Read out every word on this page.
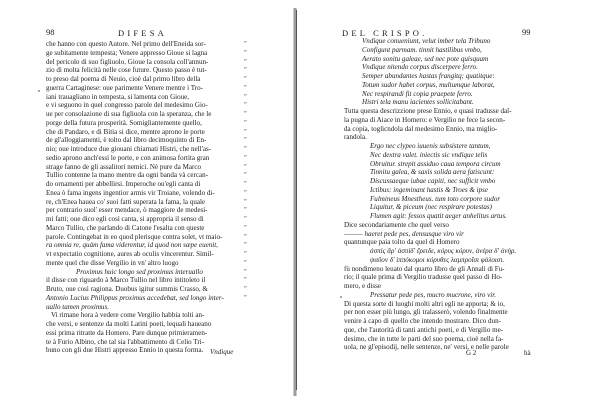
98	DIFESA
Vndique
che hanno con questo Autore. Nel primo dell'Eneida sor-	”
ge subitamente tempesta; Venere appresso Gioue si lagna	”
del pericolo di suo figliuolo, Gioue la consola coll'annun-	”
zio di molta felicità nelle cose future. Questo passo è tut-	”
to preso dal poema di Neuio, cioè dal primo libro della	”
guerra Cartaginese: oue parimente Venere mentre i Tro-	”
iani trauagliano in tempesta, si lamenta con Gioue,	”
e vi seguono in quel congresso parole del medesimo Gio-	”
ue per consolazione di sua figliuola con la speranza, che le	”
porge della futura prosperità. Somigliantemente quello,	”
che di Pandaro, e di Bitia si dice, mentre aprono le porte	”
de gl'alloggiamenti, è tolto dal libro decimoquinto di En-	”
nio; oue introduce due giouani chiamati Histri, che nell'as-	”
sedio aprono anch'essi le porte, e con animosa fortita gran	”
strage fanno de gli assalitori nemici. Nè pure da Marco	”
Tullio contenne la mano mentre da ogni banda và cercan-	”
do ornamenti per abbellirsi. Imperoche ou'egli canta di	”
Enea ò fama ingens ingentior armis vir Troiane, volendo di-	”
re, ch'Enea haueа co' suoi fatti superata la fama, la quale	”
per contrario suol' esser mendace, ò maggiore de medesi-	”
mi fatti; oue dico egli così canta, si appropria il senso di	”
Marco Tullio, che parlando di Catone l'esalta con queste	”
parole. Contingebat in eo quod plerisque contra solet, vt maio-	”
ra omnia re, quàm fama viderentur, id quod non sæpe euenit,	”
vt expectatio cognitione, aures ab oculis vincerentur. Simil-	”
mente quel che disse Vergilio in vn' altro luogo	”
Proximus huic longo sed proximus interuallo	”
il disse con riguardo à Marco Tullio nel libro intitoleto il	”
Bruto, oue così ragiona. Duobus igitur summis Crasso, &	”
Antonio Lucius Philippus proximus accedebat, sed longo inter-	”
uallo tamen proximus.
Vi rimane hora à vedere come Vergilio habbia tolti an-
che versi, e sentenze da molti Latini poeti, lequali haueano
essi prima ritratte da Homero. Pare dunque primieramen-
te à Furio Albino, che tal sia l'abbattimento di Celio Tri-
buno con gli due Histri appresso Ennio in questa forma.
DEL CRISPO.	99
G 2	hà
Vndique conueniunt, velut imber tela Tribuno
Configunt parmam. tinnit hastilibus vmbo,
Aerato sonitu galeae, sed nec pote quisquam
Vndique nitendo corpus discerpere ferro.
Semper abundantes hastas frangitq; quatitque:
Totum sudor habet corpus, multumque laborat,
Nec respirandi fit copia praepete ferro.
Histri tela manu iacientes sollicitabant.
Tutta questa descrizzione prese Ennio, e quasi tradusse dal-
la pugna di Aiace in Homero: e Vergilio ne fece la secon-
da copia, toglicndola dal medesimo Ennio, ma miglio-
randola.
Ergo nec clypeo iuuenis subsistere tantum,
Nec dextra valet. iniectis sic vndique telis
Obruitur. strepit assiduo caua tempora circum
Tinnitu galea, & saxis solida aera fatiscunt:
Discussaeque iubae capiti, nec sufficit vmbo
Ictibus: ingeminant hastis & Troes & ipse
Fulmineus Mnestheus. tum toto corpore sudor
Liquitur, & piceum (nec respirare potestas)
Flumen agit: fessos quatit aeger anhelitus artus.
Dice secondariamente che quel verso
——— haeret pede pes, densusque viro vir
quantunque paia tolto da quel di Homero
ἀσπὶς ἄρ' ἀσπίδ' ἔρειδε, κόρυς κόρυν, ἀνέρα δ' ἀνήρ.
ψαῦον δ' ἱππόκομοι κόρυθες λαμπροῖσι φάλοισι.
fù nondimeno leuato dal quarto libro de gli Annali di Fu-
rio; il quale prima di Vergilio tradusse quel passo di Ho-
mero, e disse
Pressatur pede pes, mucro mucrone, viro vir.
Di questa sorte di luoghi molti altri egli ne apporta; & io,
per non esser più lungo, gli tralasserò, volendo finalmente
venire à capo di quello che intendo mostrare. Dico dun-
que, che l'autorità di tanti antichi poeti, e di Vergilio me-
desimo, che in tutte le parti del suo poema, cioè nella fa-
uola, ne gl'episodij, nelle sentenze, ne' versi, e nelle parole
